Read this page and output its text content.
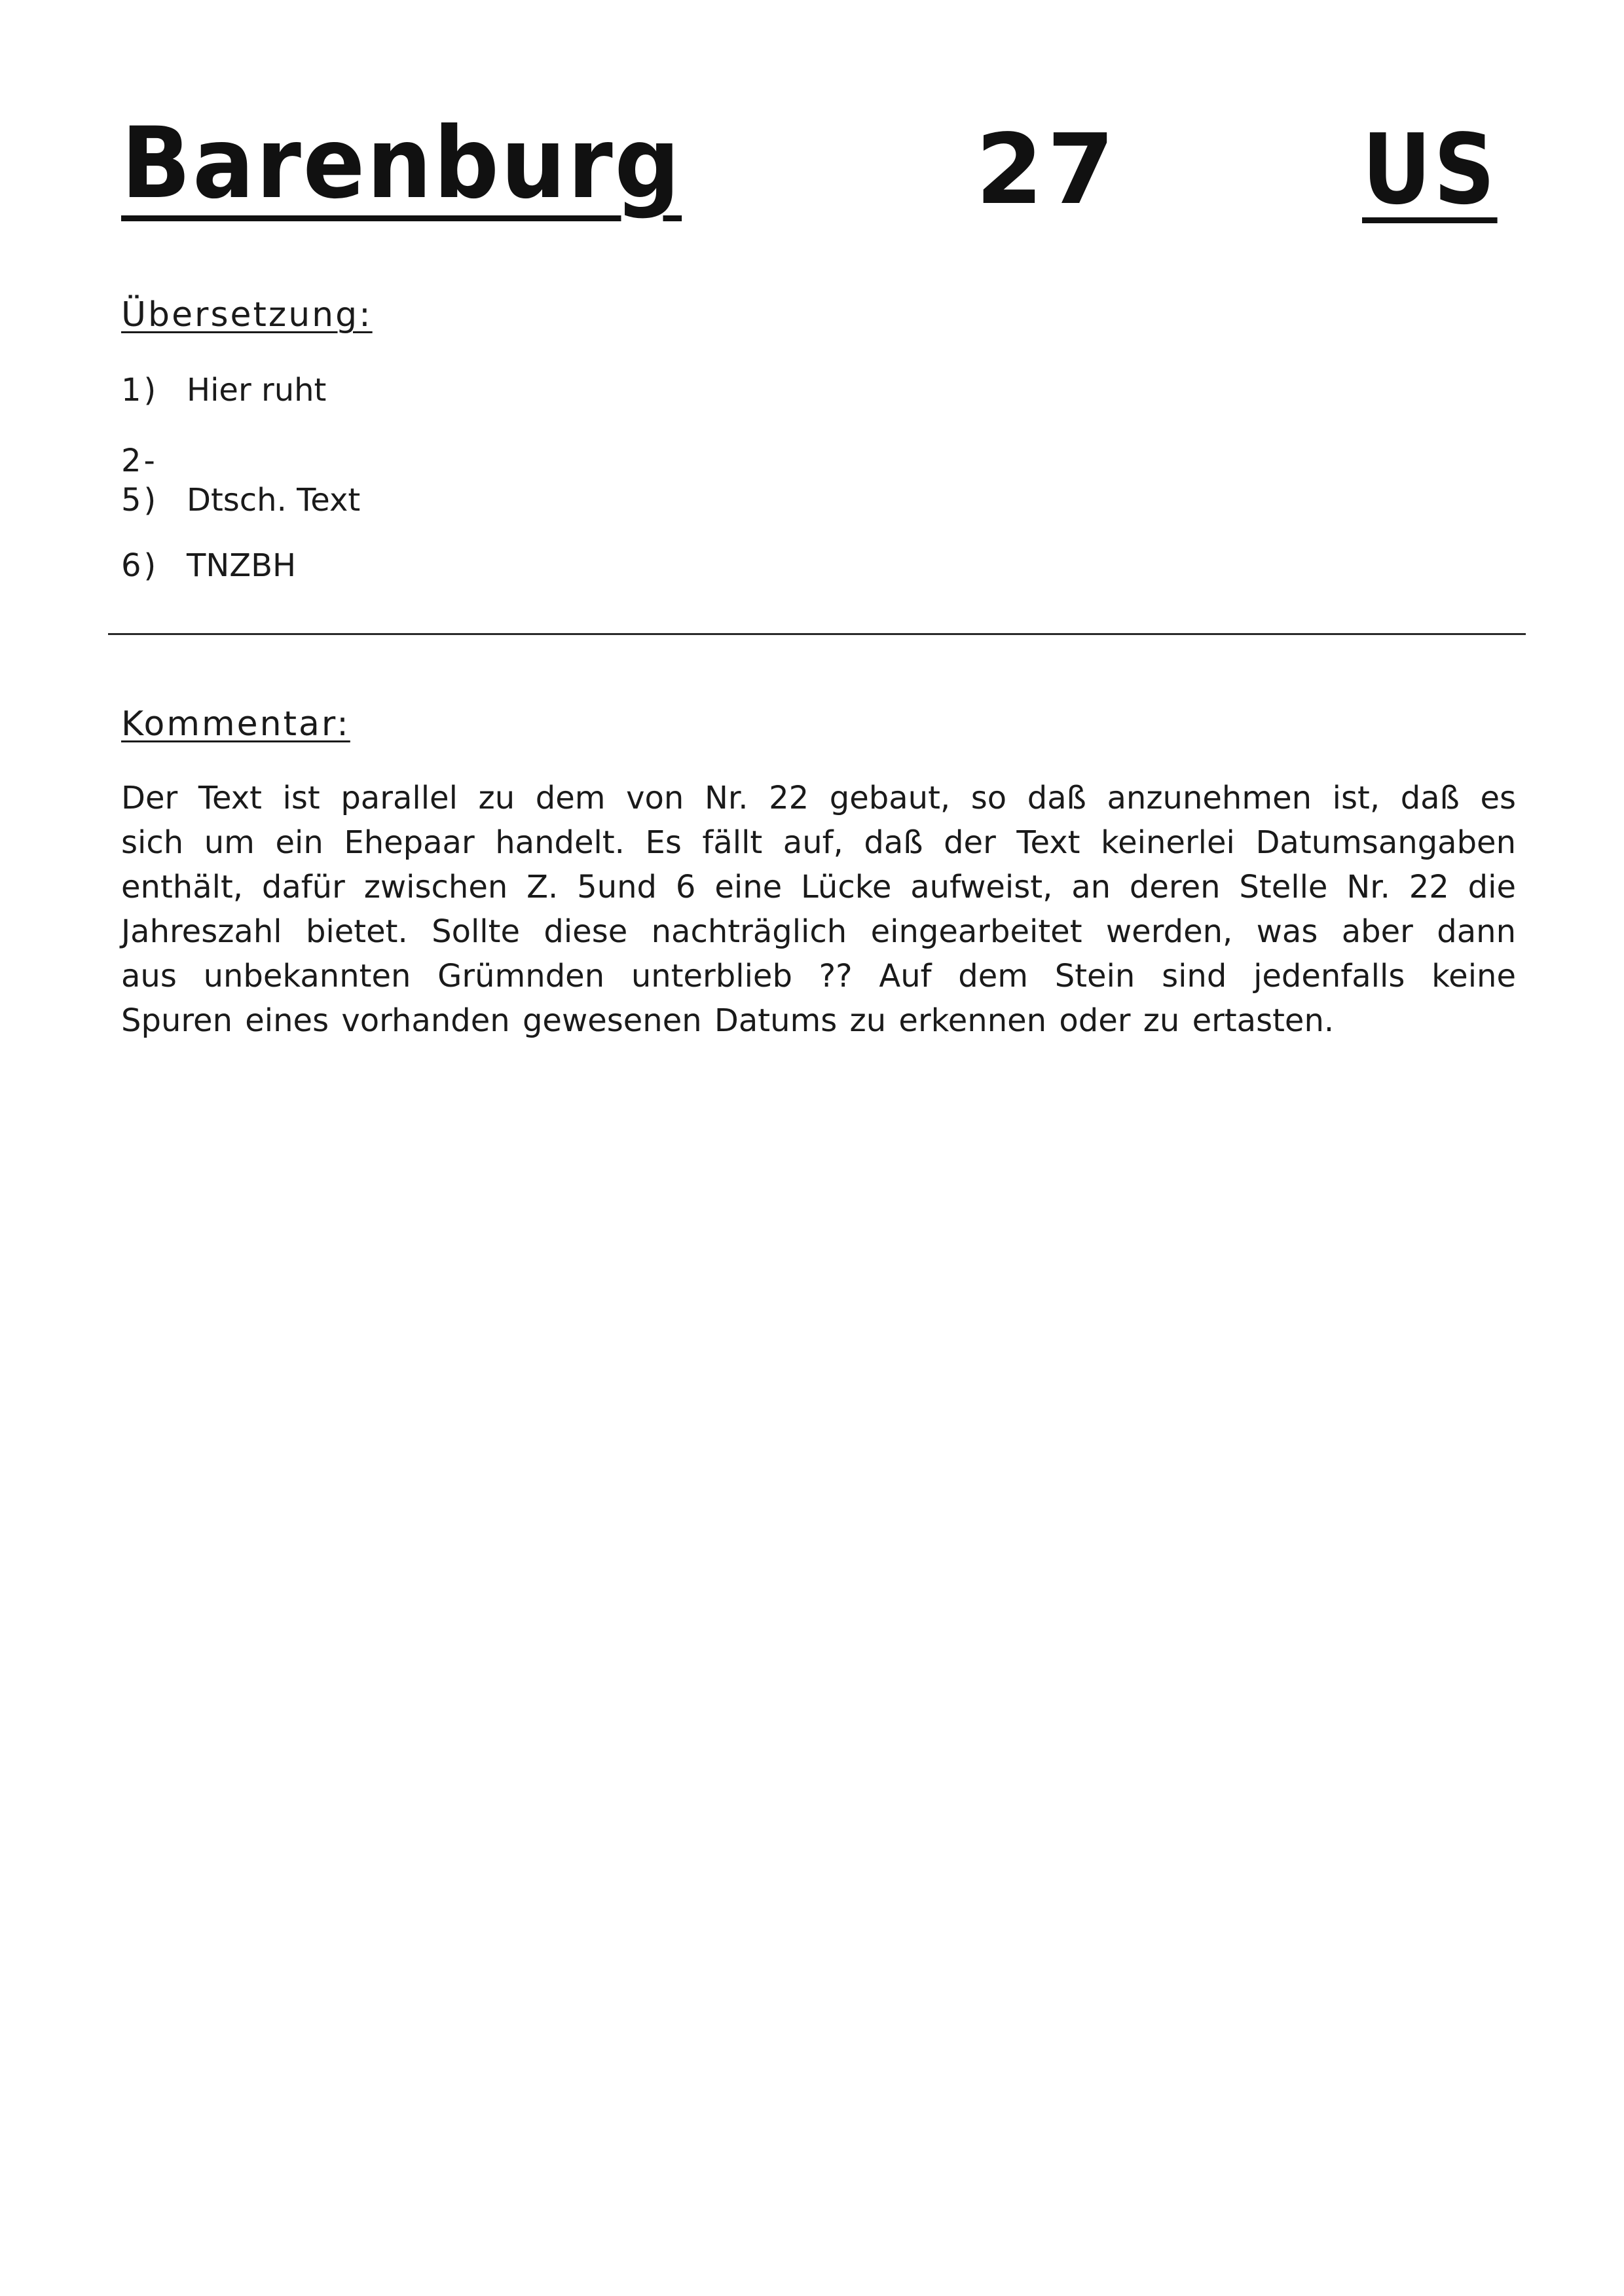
Barenburg	27	US
Übersetzung:
1) Hier ruht
2-
5) Dtsch. Text
6) TNZBH
Kommentar:
Der Text ist parallel zu dem von Nr. 22 gebaut, so daß anzunehmen ist, daß es
sich um ein Ehepaar handelt. Es fällt auf, daß der Text keinerlei Datumsangaben
enthält, dafür zwischen Z. 5und 6 eine Lücke aufweist, an deren Stelle Nr. 22 die
Jahreszahl bietet. Sollte diese nachträglich eingearbeitet werden, was aber dann
aus unbekannten Grümnden unterblieb ?? Auf dem Stein sind jedenfalls keine
Spuren eines vorhanden gewesenen Datums zu erkennen oder zu ertasten.
